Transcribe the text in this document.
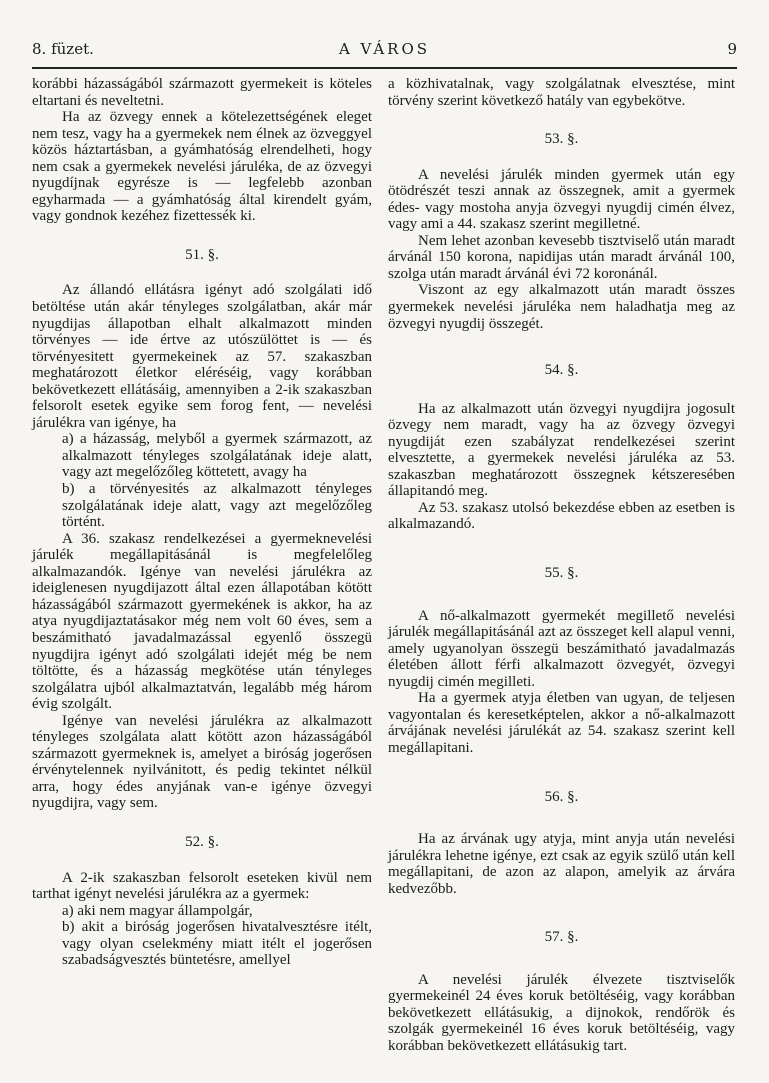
8. füzet.	A VÁROS	9

korábbi házasságából származott gyermekeit is köteles eltartani és neveltetni.

Ha az özvegy ennek a kötelezettségének eleget nem tesz, vagy ha a gyermekek nem élnek az özveggyel közös háztartásban, a gyámhatóság elrendelheti, hogy nem csak a gyermekek nevelési járuléka, de az özvegyi nyugdíjnak egyrésze is — legfelebb azonban egyharmada — a gyámhatóság által kirendelt gyám, vagy gondnok kezéhez fizettessék ki.

51. §.

Az állandó ellátásra igényt adó szolgálati idő betöltése után akár tényleges szolgálatban, akár már nyugdijas állapotban elhalt alkalmazott minden törvényes — ide értve az utószülöttet is — és törvényesitett gyermekeinek az 57. szakaszban meghatározott életkor eléréséig, vagy korábban bekövetkezett ellátásáig, amennyiben a 2-ik szakaszban felsorolt esetek egyike sem forog fent, — nevelési járulékra van igénye, ha

a) a házasság, melyből a gyermek származott, az alkalmazott tényleges szolgálatának ideje alatt, vagy azt megelőzőleg köttetett, avagy ha

b) a törvényesités az alkalmazott tényleges szolgálatának ideje alatt, vagy azt megelőzőleg történt.

A 36. szakasz rendelkezései a gyermeknevelési járulék megállapitásánál is megfelelőleg alkalmazandók. Igénye van nevelési járulékra az ideiglenesen nyugdijazott által ezen állapotában kötött házasságából származott gyermekének is akkor, ha az atya nyugdijaztatásakor még nem volt 60 éves, sem a beszámitható javadalmazással egyenlő összegü nyugdijra igényt adó szolgálati idejét még be nem töltötte, és a házasság megkötése után tényleges szolgálatra ujból alkalmaztatván, legalább még három évig szolgált.

Igénye van nevelési járulékra az alkalmazott tényleges szolgálata alatt kötött azon házasságából származott gyermeknek is, amelyet a biróság jogerősen érvénytelennek nyilvánitott, és pedig tekintet nélkül arra, hogy édes anyjának van-e igénye özvegyi nyugdijra, vagy sem.

52. §.

A 2-ik szakaszban felsorolt eseteken kivül nem tarthat igényt nevelési járulékra az a gyermek:

a) aki nem magyar állampolgár,

b) akit a biróság jogerősen hivatalvesztésre itélt, vagy olyan cselekmény miatt itélt el jogerősen szabadságvesztés büntetésre, amellyel

a közhivatalnak, vagy szolgálatnak elvesztése, mint törvény szerint következő hatály van egybekötve.

53. §.

A nevelési járulék minden gyermek után egy ötödrészét teszi annak az összegnek, amit a gyermek édes- vagy mostoha anyja özvegyi nyugdij cimén élvez, vagy ami a 44. szakasz szerint megilletné.

Nem lehet azonban kevesebb tisztviselő után maradt árvánál 150 korona, napidijas után maradt árvánál 100, szolga után maradt árvánál évi 72 koronánál.

Viszont az egy alkalmazott után maradt összes gyermekek nevelési járuléka nem haladhatja meg az özvegyi nyugdij összegét.

54. §.

Ha az alkalmazott után özvegyi nyugdijra jogosult özvegy nem maradt, vagy ha az özvegy özvegyi nyugdiját ezen szabályzat rendelkezései szerint elvesztette, a gyermekek nevelési járuléka az 53. szakaszban meghatározott összegnek kétszeresében állapitandó meg.

Az 53. szakasz utolsó bekezdése ebben az esetben is alkalmazandó.

55. §.

A nő-alkalmazott gyermekét megillető nevelési járulék megállapitásánál azt az összeget kell alapul venni, amely ugyanolyan összegü beszámitható javadalmazás életében állott férfi alkalmazott özvegyét, özvegyi nyugdij cimén megilleti.

Ha a gyermek atyja életben van ugyan, de teljesen vagyontalan és keresetképtelen, akkor a nő-alkalmazott árvájának nevelési járulékát az 54. szakasz szerint kell megállapitani.

56. §.

Ha az árvának ugy atyja, mint anyja után nevelési járulékra lehetne igénye, ezt csak az egyik szülő után kell megállapitani, de azon az alapon, amelyik az árvára kedvezőbb.

57. §.

A nevelési járulék élvezete tisztviselők gyermekeinél 24 éves koruk betöltéséig, vagy korábban bekövetkezett ellátásukig, a dijnokok, rendőrök és szolgák gyermekeinél 16 éves koruk betöltéséig, vagy korábban bekövetkezett ellátásukig tart.
